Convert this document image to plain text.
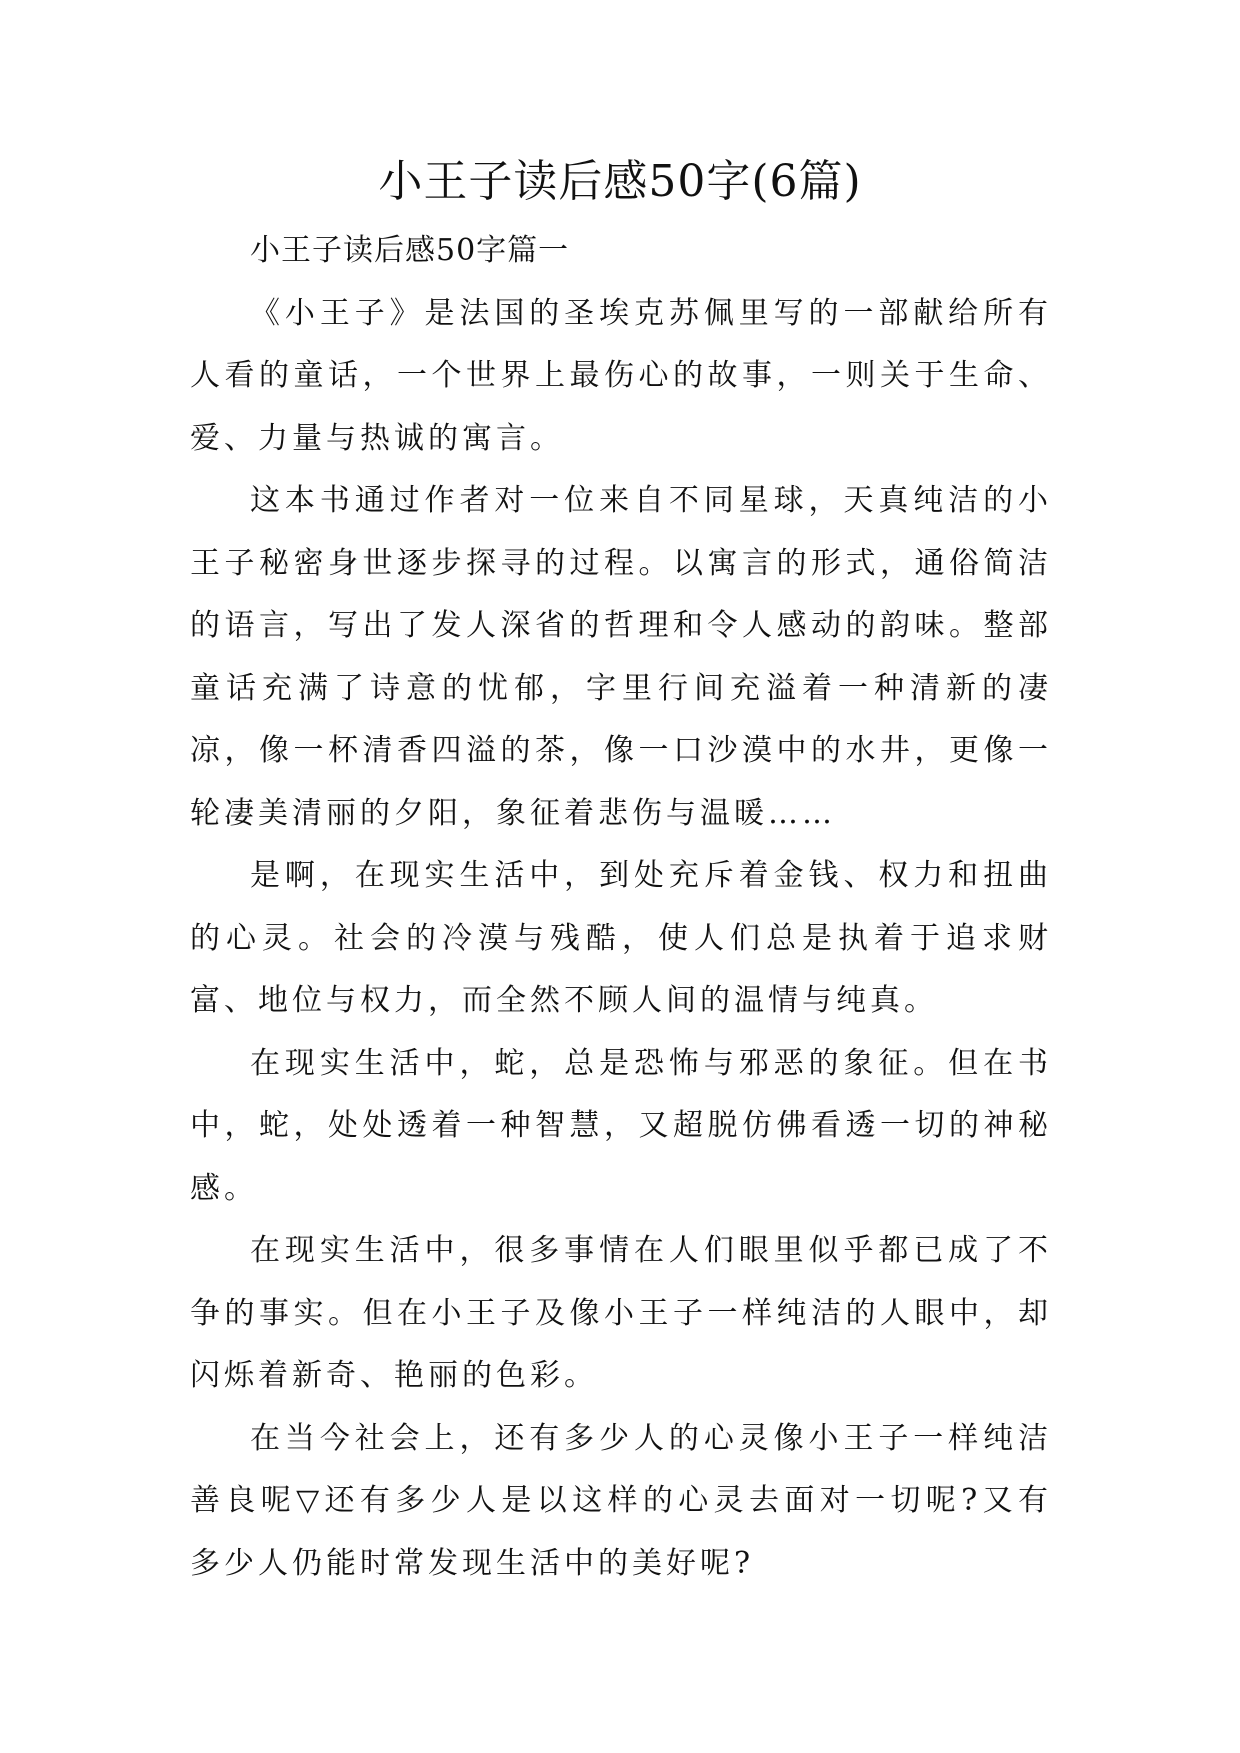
小王子读后感50字(6篇)

小王子读后感50字篇一

《小王子》是法国的圣埃克苏佩里写的一部献给所有人看的童话，一个世界上最伤心的故事，一则关于生命、爱、力量与热诚的寓言。

这本书通过作者对一位来自不同星球，天真纯洁的小王子秘密身世逐步探寻的过程。以寓言的形式，通俗简洁的语言，写出了发人深省的哲理和令人感动的韵味。整部童话充满了诗意的忧郁，字里行间充溢着一种清新的凄凉，像一杯清香四溢的茶，像一口沙漠中的水井，更像一轮凄美清丽的夕阳，象征着悲伤与温暖……

是啊，在现实生活中，到处充斥着金钱、权力和扭曲的心灵。社会的冷漠与残酷，使人们总是执着于追求财富、地位与权力，而全然不顾人间的温情与纯真。

在现实生活中，蛇，总是恐怖与邪恶的象征。但在书中，蛇，处处透着一种智慧，又超脱仿佛看透一切的神秘感。

在现实生活中，很多事情在人们眼里似乎都已成了不争的事实。但在小王子及像小王子一样纯洁的人眼中，却闪烁着新奇、艳丽的色彩。

在当今社会上，还有多少人的心灵像小王子一样纯洁善良呢▽还有多少人是以这样的心灵去面对一切呢?又有多少人仍能时常发现生活中的美好呢?
